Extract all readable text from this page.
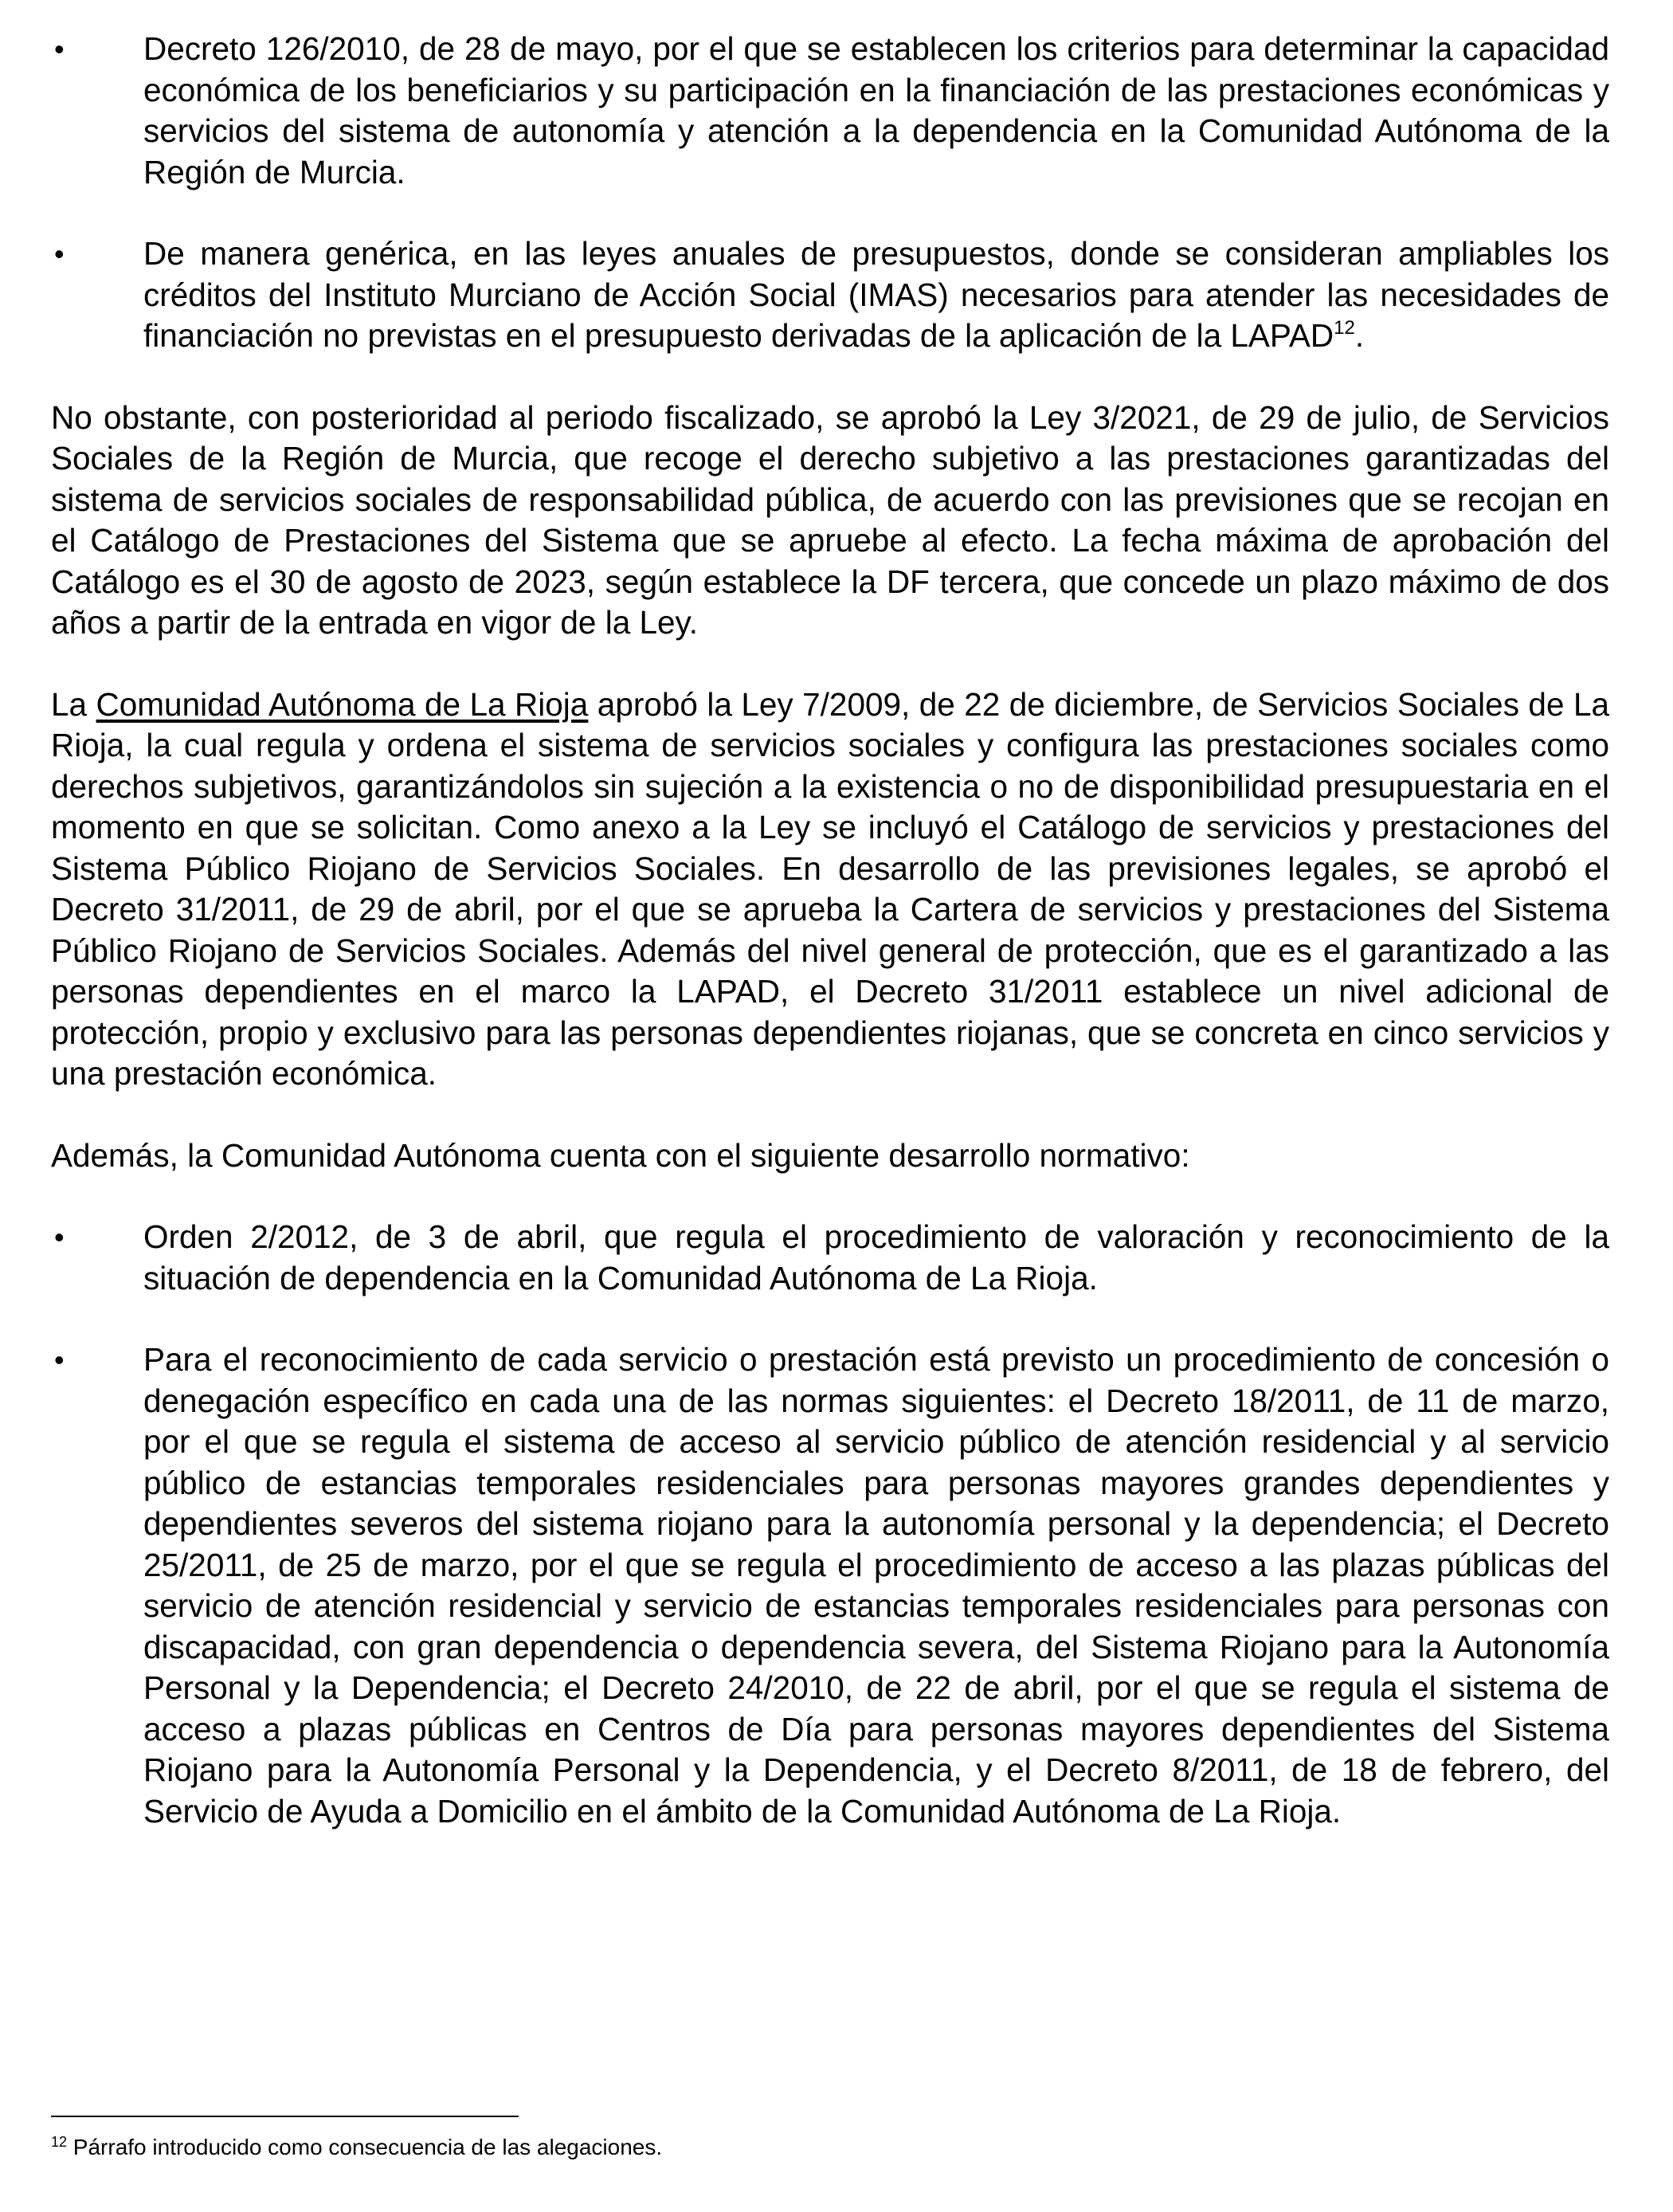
•	Decreto 126/2010, de 28 de mayo, por el que se establecen los criterios para determinar la capacidad económica de los beneficiarios y su participación en la financiación de las prestaciones económicas y servicios del sistema de autonomía y atención a la dependencia en la Comunidad Autónoma de la Región de Murcia.
•	De manera genérica, en las leyes anuales de presupuestos, donde se consideran ampliables los créditos del Instituto Murciano de Acción Social (IMAS) necesarios para atender las necesidades de financiación no previstas en el presupuesto derivadas de la aplicación de la LAPAD$^{12}$.

No obstante, con posterioridad al periodo fiscalizado, se aprobó la Ley 3/2021, de 29 de julio, de Servicios Sociales de la Región de Murcia, que recoge el derecho subjetivo a las prestaciones garantizadas del sistema de servicios sociales de responsabilidad pública, de acuerdo con las previsiones que se recojan en el Catálogo de Prestaciones del Sistema que se apruebe al efecto. La fecha máxima de aprobación del Catálogo es el 30 de agosto de 2023, según establece la DF tercera, que concede un plazo máximo de dos años a partir de la entrada en vigor de la Ley.

La Comunidad Autónoma de La Rioja aprobó la Ley 7/2009, de 22 de diciembre, de Servicios Sociales de La Rioja, la cual regula y ordena el sistema de servicios sociales y configura las prestaciones sociales como derechos subjetivos, garantizándolos sin sujeción a la existencia o no de disponibilidad presupuestaria en el momento en que se solicitan. Como anexo a la Ley se incluyó el Catálogo de servicios y prestaciones del Sistema Público Riojano de Servicios Sociales. En desarrollo de las previsiones legales, se aprobó el Decreto 31/2011, de 29 de abril, por el que se aprueba la Cartera de servicios y prestaciones del Sistema Público Riojano de Servicios Sociales. Además del nivel general de protección, que es el garantizado a las personas dependientes en el marco la LAPAD, el Decreto 31/2011 establece un nivel adicional de protección, propio y exclusivo para las personas dependientes riojanas, que se concreta en cinco servicios y una prestación económica.

Además, la Comunidad Autónoma cuenta con el siguiente desarrollo normativo:

•	Orden 2/2012, de 3 de abril, que regula el procedimiento de valoración y reconocimiento de la situación de dependencia en la Comunidad Autónoma de La Rioja.
•	Para el reconocimiento de cada servicio o prestación está previsto un procedimiento de concesión o denegación específico en cada una de las normas siguientes: el Decreto 18/2011, de 11 de marzo, por el que se regula el sistema de acceso al servicio público de atención residencial y al servicio público de estancias temporales residenciales para personas mayores grandes dependientes y dependientes severos del sistema riojano para la autonomía personal y la dependencia; el Decreto 25/2011, de 25 de marzo, por el que se regula el procedimiento de acceso a las plazas públicas del servicio de atención residencial y servicio de estancias temporales residenciales para personas con discapacidad, con gran dependencia o dependencia severa, del Sistema Riojano para la Autonomía Personal y la Dependencia; el Decreto 24/2010, de 22 de abril, por el que se regula el sistema de acceso a plazas públicas en Centros de Día para personas mayores dependientes del Sistema Riojano para la Autonomía Personal y la Dependencia, y el Decreto 8/2011, de 18 de febrero, del Servicio de Ayuda a Domicilio en el ámbito de la Comunidad Autónoma de La Rioja.
$^{12}$ Párrafo introducido como consecuencia de las alegaciones.
